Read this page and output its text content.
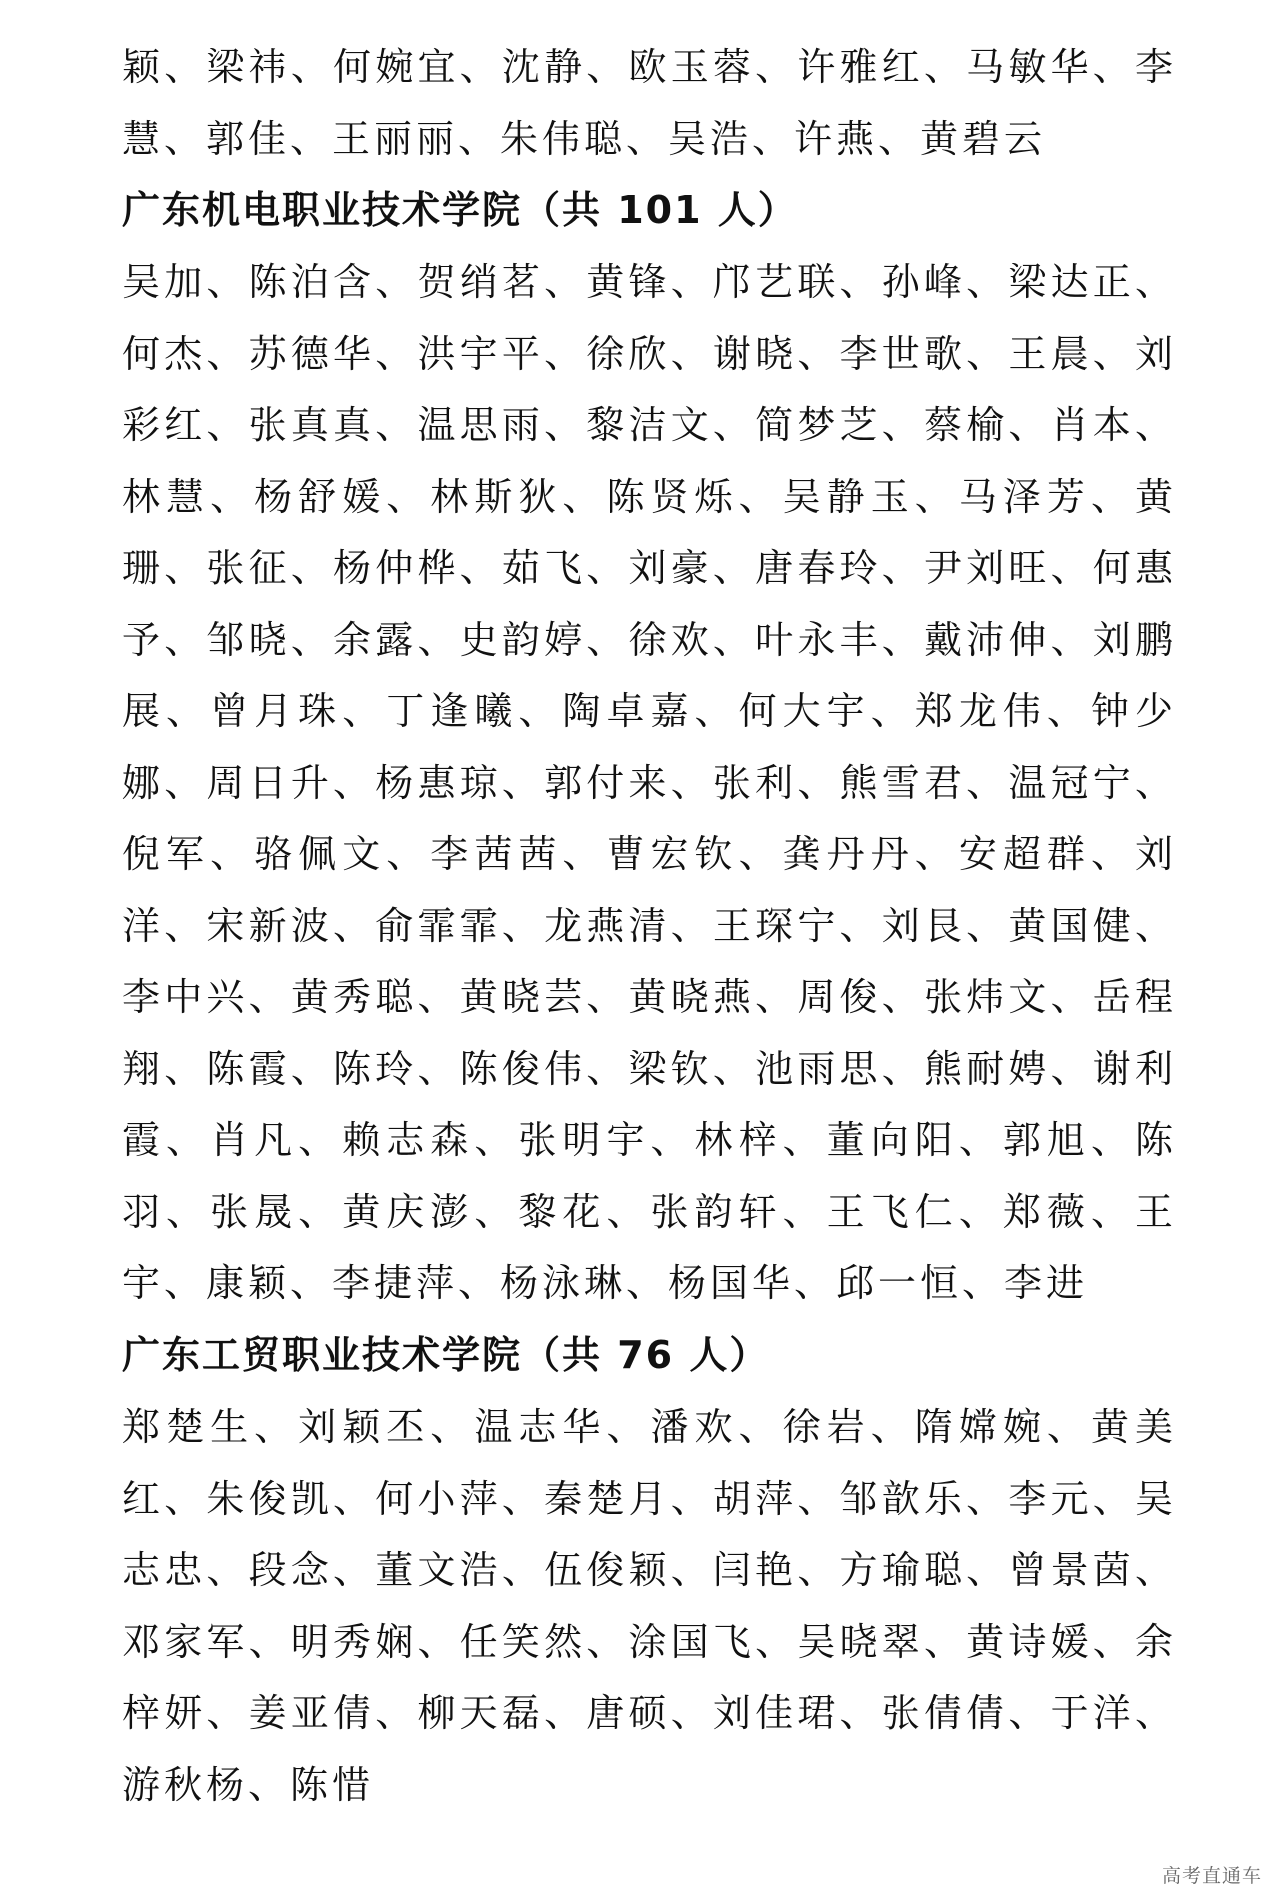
颖、梁祎、何婉宜、沈静、欧玉蓉、许雅红、马敏华、李慧、郭佳、王丽丽、朱伟聪、吴浩、许燕、黄碧云

广东机电职业技术学院（共 101 人）

吴加、陈泊含、贺绡茗、黄锋、邝艺联、孙峰、梁达正、何杰、苏德华、洪宇平、徐欣、谢晓、李世歌、王晨、刘彩红、张真真、温思雨、黎洁文、简梦芝、蔡榆、肖本、林慧、杨舒媛、林斯狄、陈贤烁、吴静玉、马泽芳、黄珊、张征、杨仲桦、茹飞、刘豪、唐春玲、尹刘旺、何惠予、邹晓、余露、史韵婷、徐欢、叶永丰、戴沛伸、刘鹏展、曾月珠、丁逢曦、陶卓嘉、何大宇、郑龙伟、钟少娜、周日升、杨惠琼、郭付来、张利、熊雪君、温冠宁、倪军、骆佩文、李茜茜、曹宏钦、龚丹丹、安超群、刘洋、宋新波、俞霏霏、龙燕清、王琛宁、刘艮、黄国健、李中兴、黄秀聪、黄晓芸、黄晓燕、周俊、张炜文、岳程翔、陈霞、陈玲、陈俊伟、梁钦、池雨思、熊耐娉、谢利霞、肖凡、赖志森、张明宇、林梓、董向阳、郭旭、陈羽、张晟、黄庆澎、黎花、张韵轩、王飞仁、郑薇、王宇、康颖、李捷萍、杨泳琳、杨国华、邱一恒、李进

广东工贸职业技术学院（共 76 人）

郑楚生、刘颖丕、温志华、潘欢、徐岩、隋嫦婉、黄美红、朱俊凯、何小萍、秦楚月、胡萍、邹歆乐、李元、吴志忠、段念、董文浩、伍俊颖、闫艳、方瑜聪、曾景茵、邓家军、明秀娴、任笑然、涂国飞、吴晓翠、黄诗媛、余梓妍、姜亚倩、柳天磊、唐硕、刘佳珺、张倩倩、于洋、游秋杨、陈惜

高考直通车
